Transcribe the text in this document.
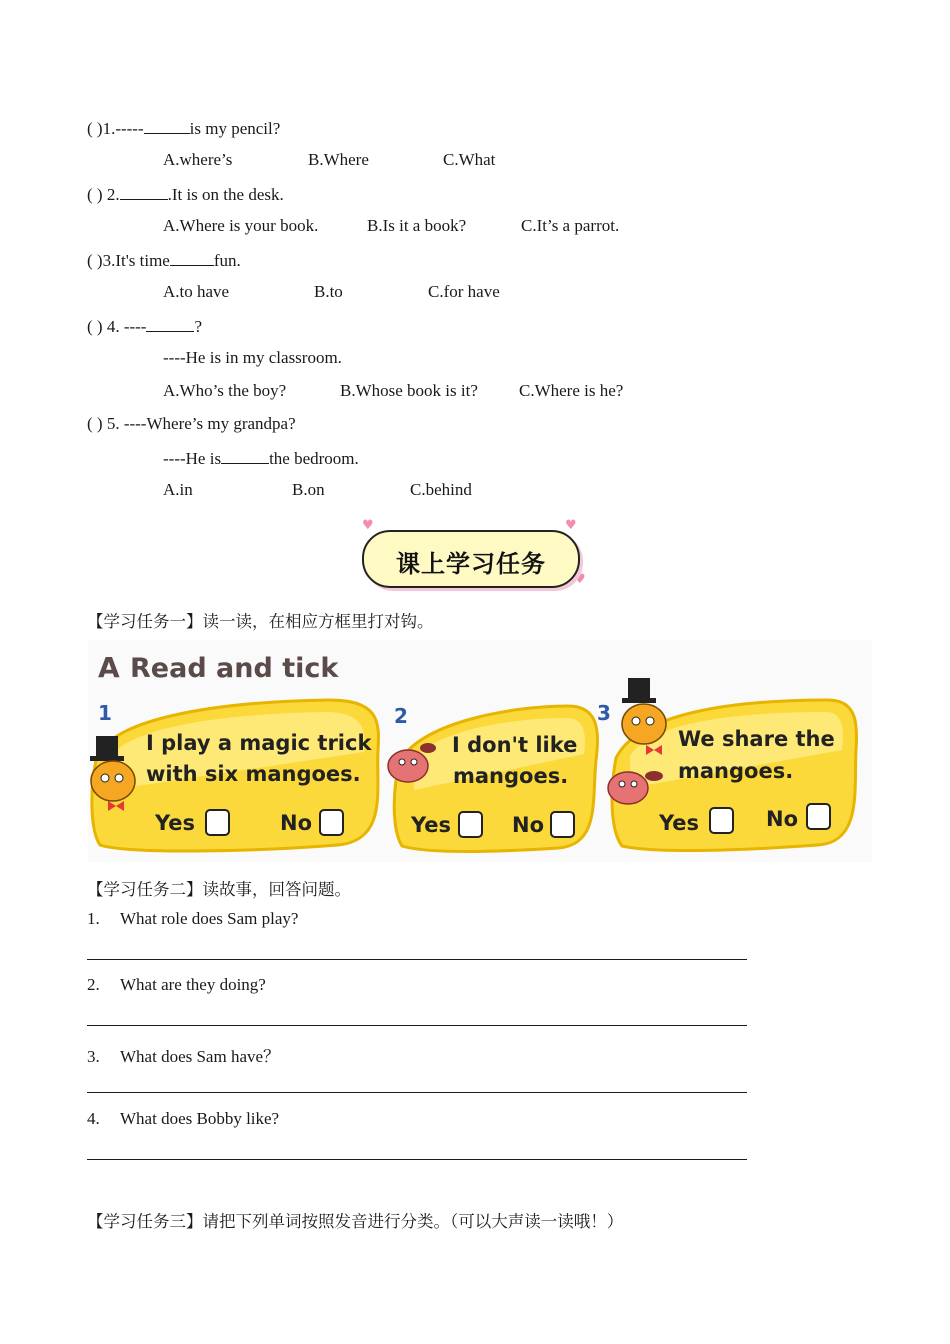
( )1.-----	is my pencil?
A.where’s	B.Where	C.What
( ) 2.	.It is on the desk.
A.Where is your book.	B.Is it a book?	C.It’s a parrot.
( )3.It's time	fun.
A.to have	B.to	C.for have
( ) 4. ----	?
----He is in my classroom.
A.Who’s the boy?	B.Whose book is it? C.Where is he?
( ) 5. ----Where’s my grandpa?
----He is	the bedroom.
A.in	B.on	C.behind
♥	♥
♥
课上学习任务
【学习任务一】读一读，在相应方框里打对钩。
A Read and tick
1
I play a magic trick
with six mangoes.
Yes	No
2
I don't like
mangoes.
Yes	No
3
We share the
mangoes.
Yes	No
【学习任务二】读故事，回答问题。
1. What role does Sam play?
2. What are they doing?
3. What does Sam have？
4. What does Bobby like?
【学习任务三】请把下列单词按照发音进行分类。（可以大声读一读哦！）
